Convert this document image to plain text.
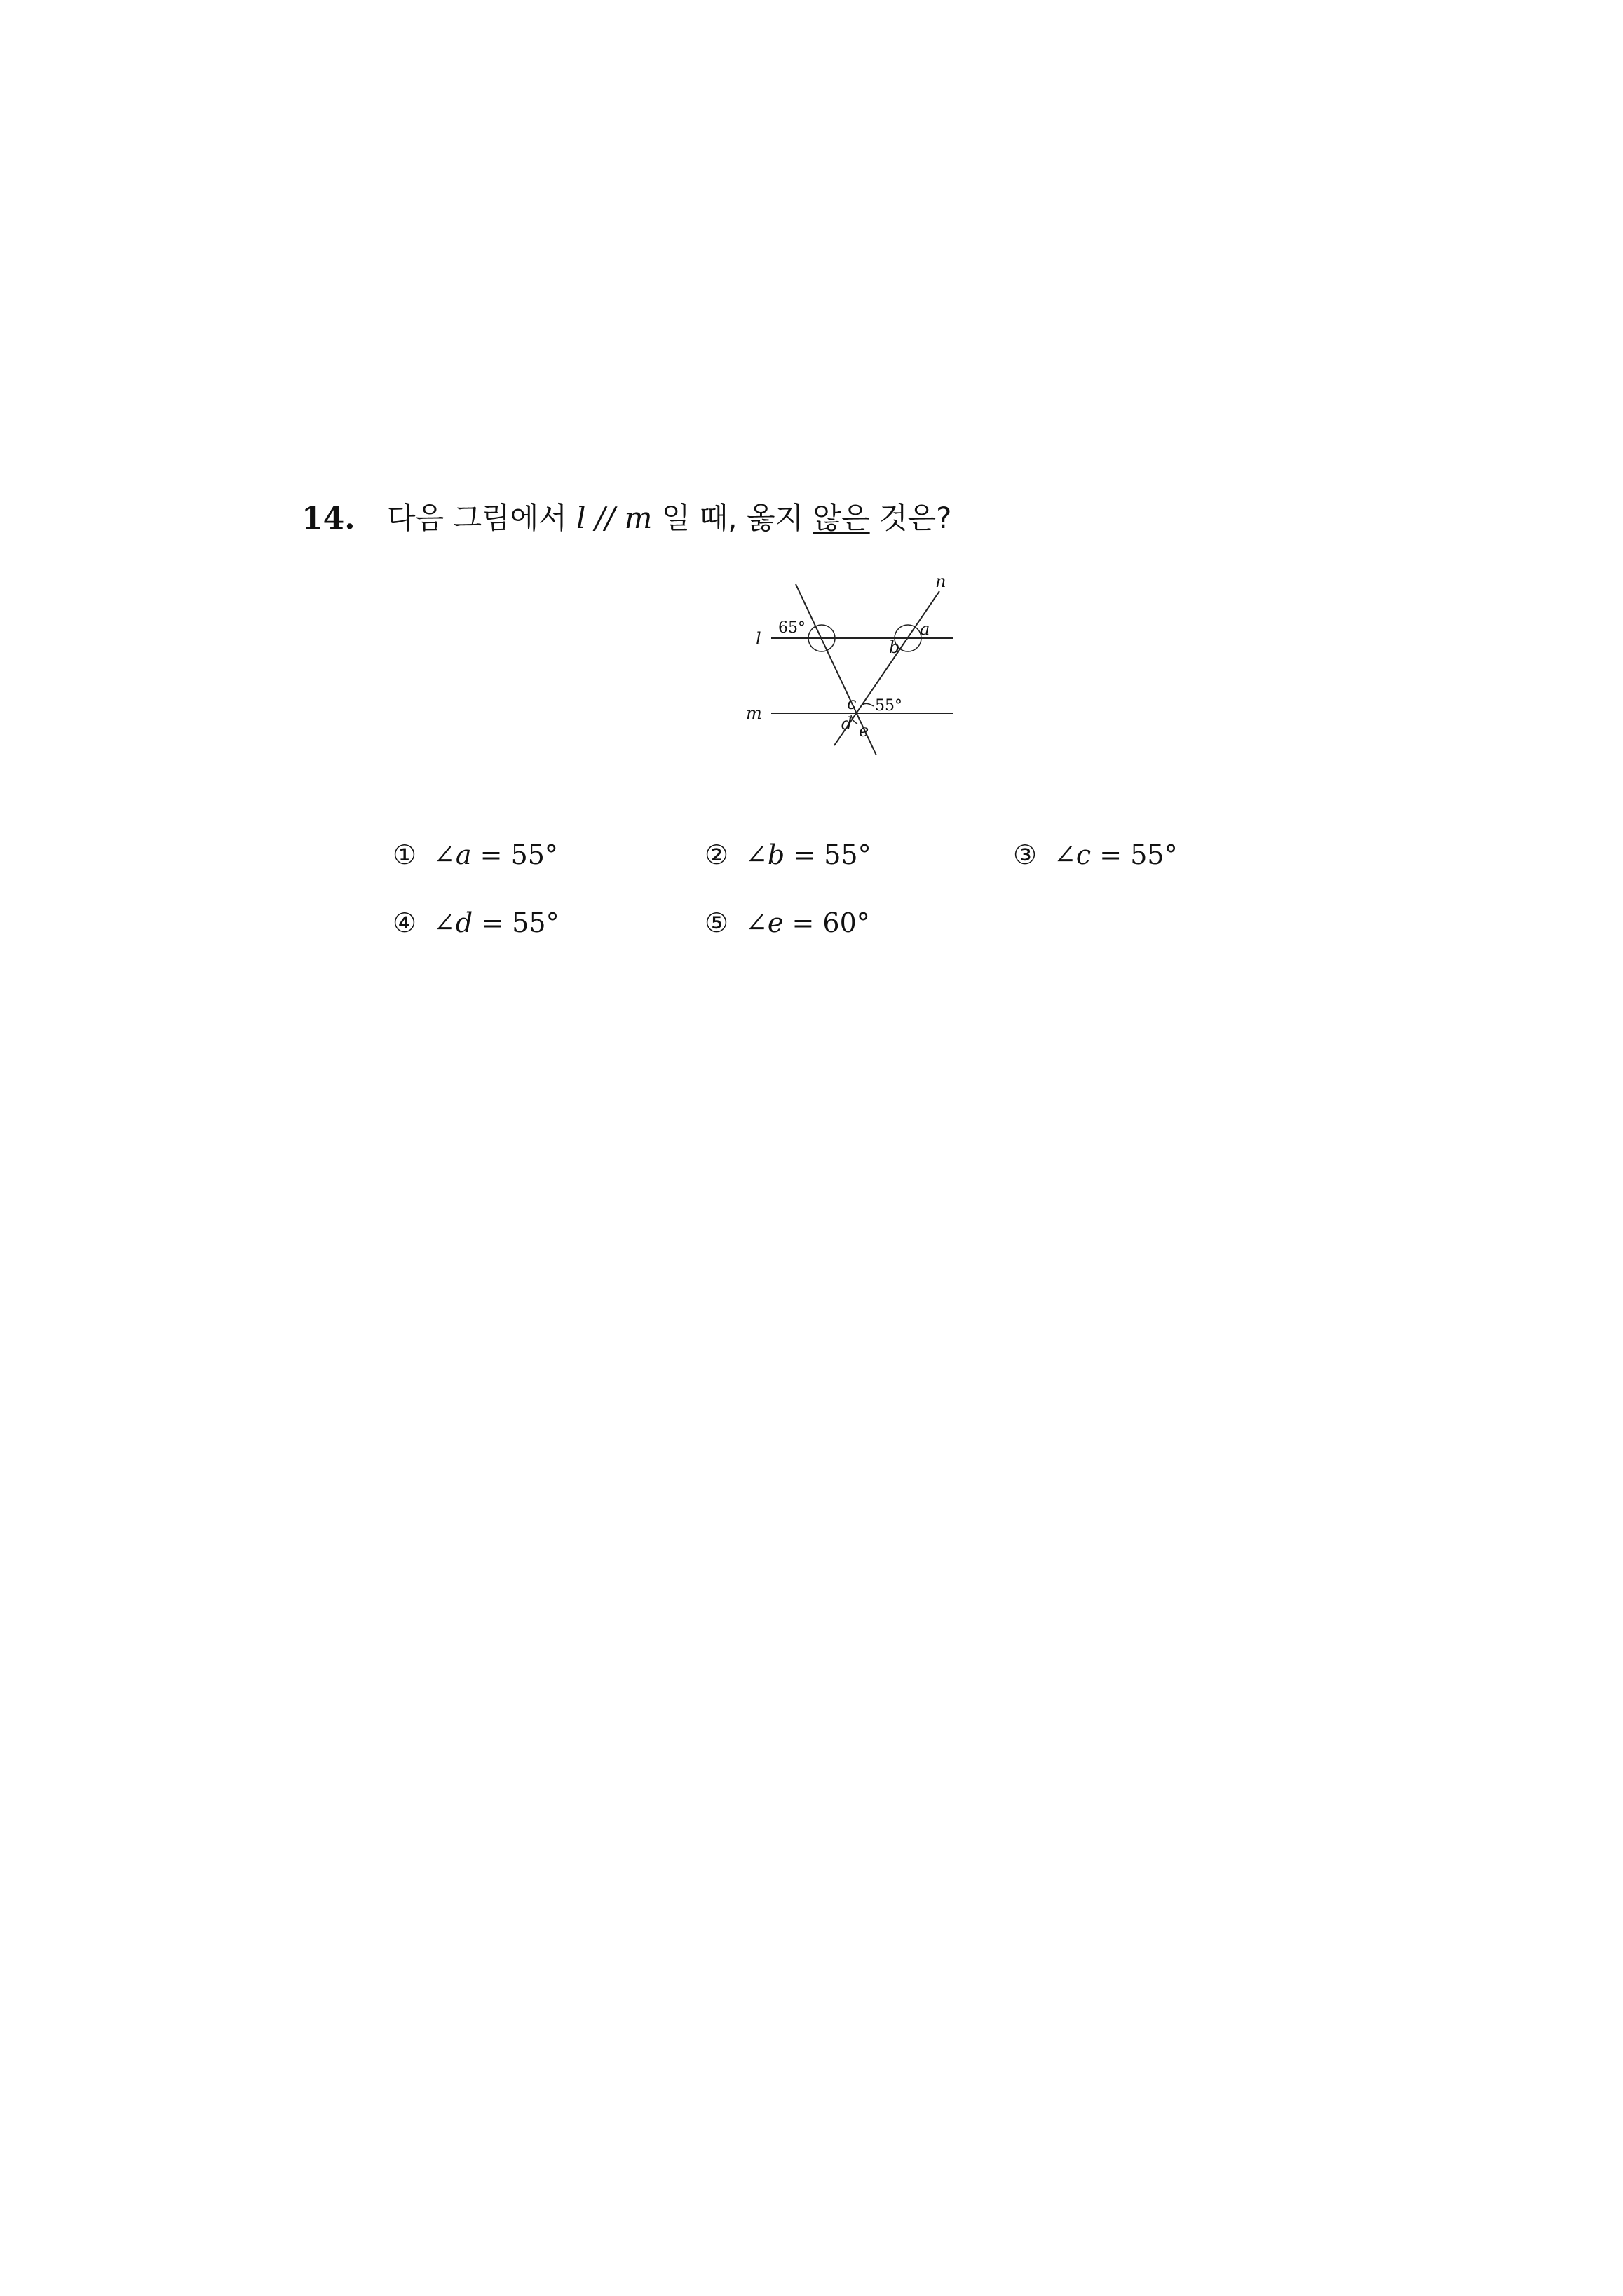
14. 다음 그림에서 l // m 일 때, 옳지 않은 것은?
l
m
n
65°
55°
a
b
c
d e
① ∠a = 55°	② ∠b = 55°	③ ∠c = 55°
④ ∠d = 55°	⑤ ∠e = 60°
